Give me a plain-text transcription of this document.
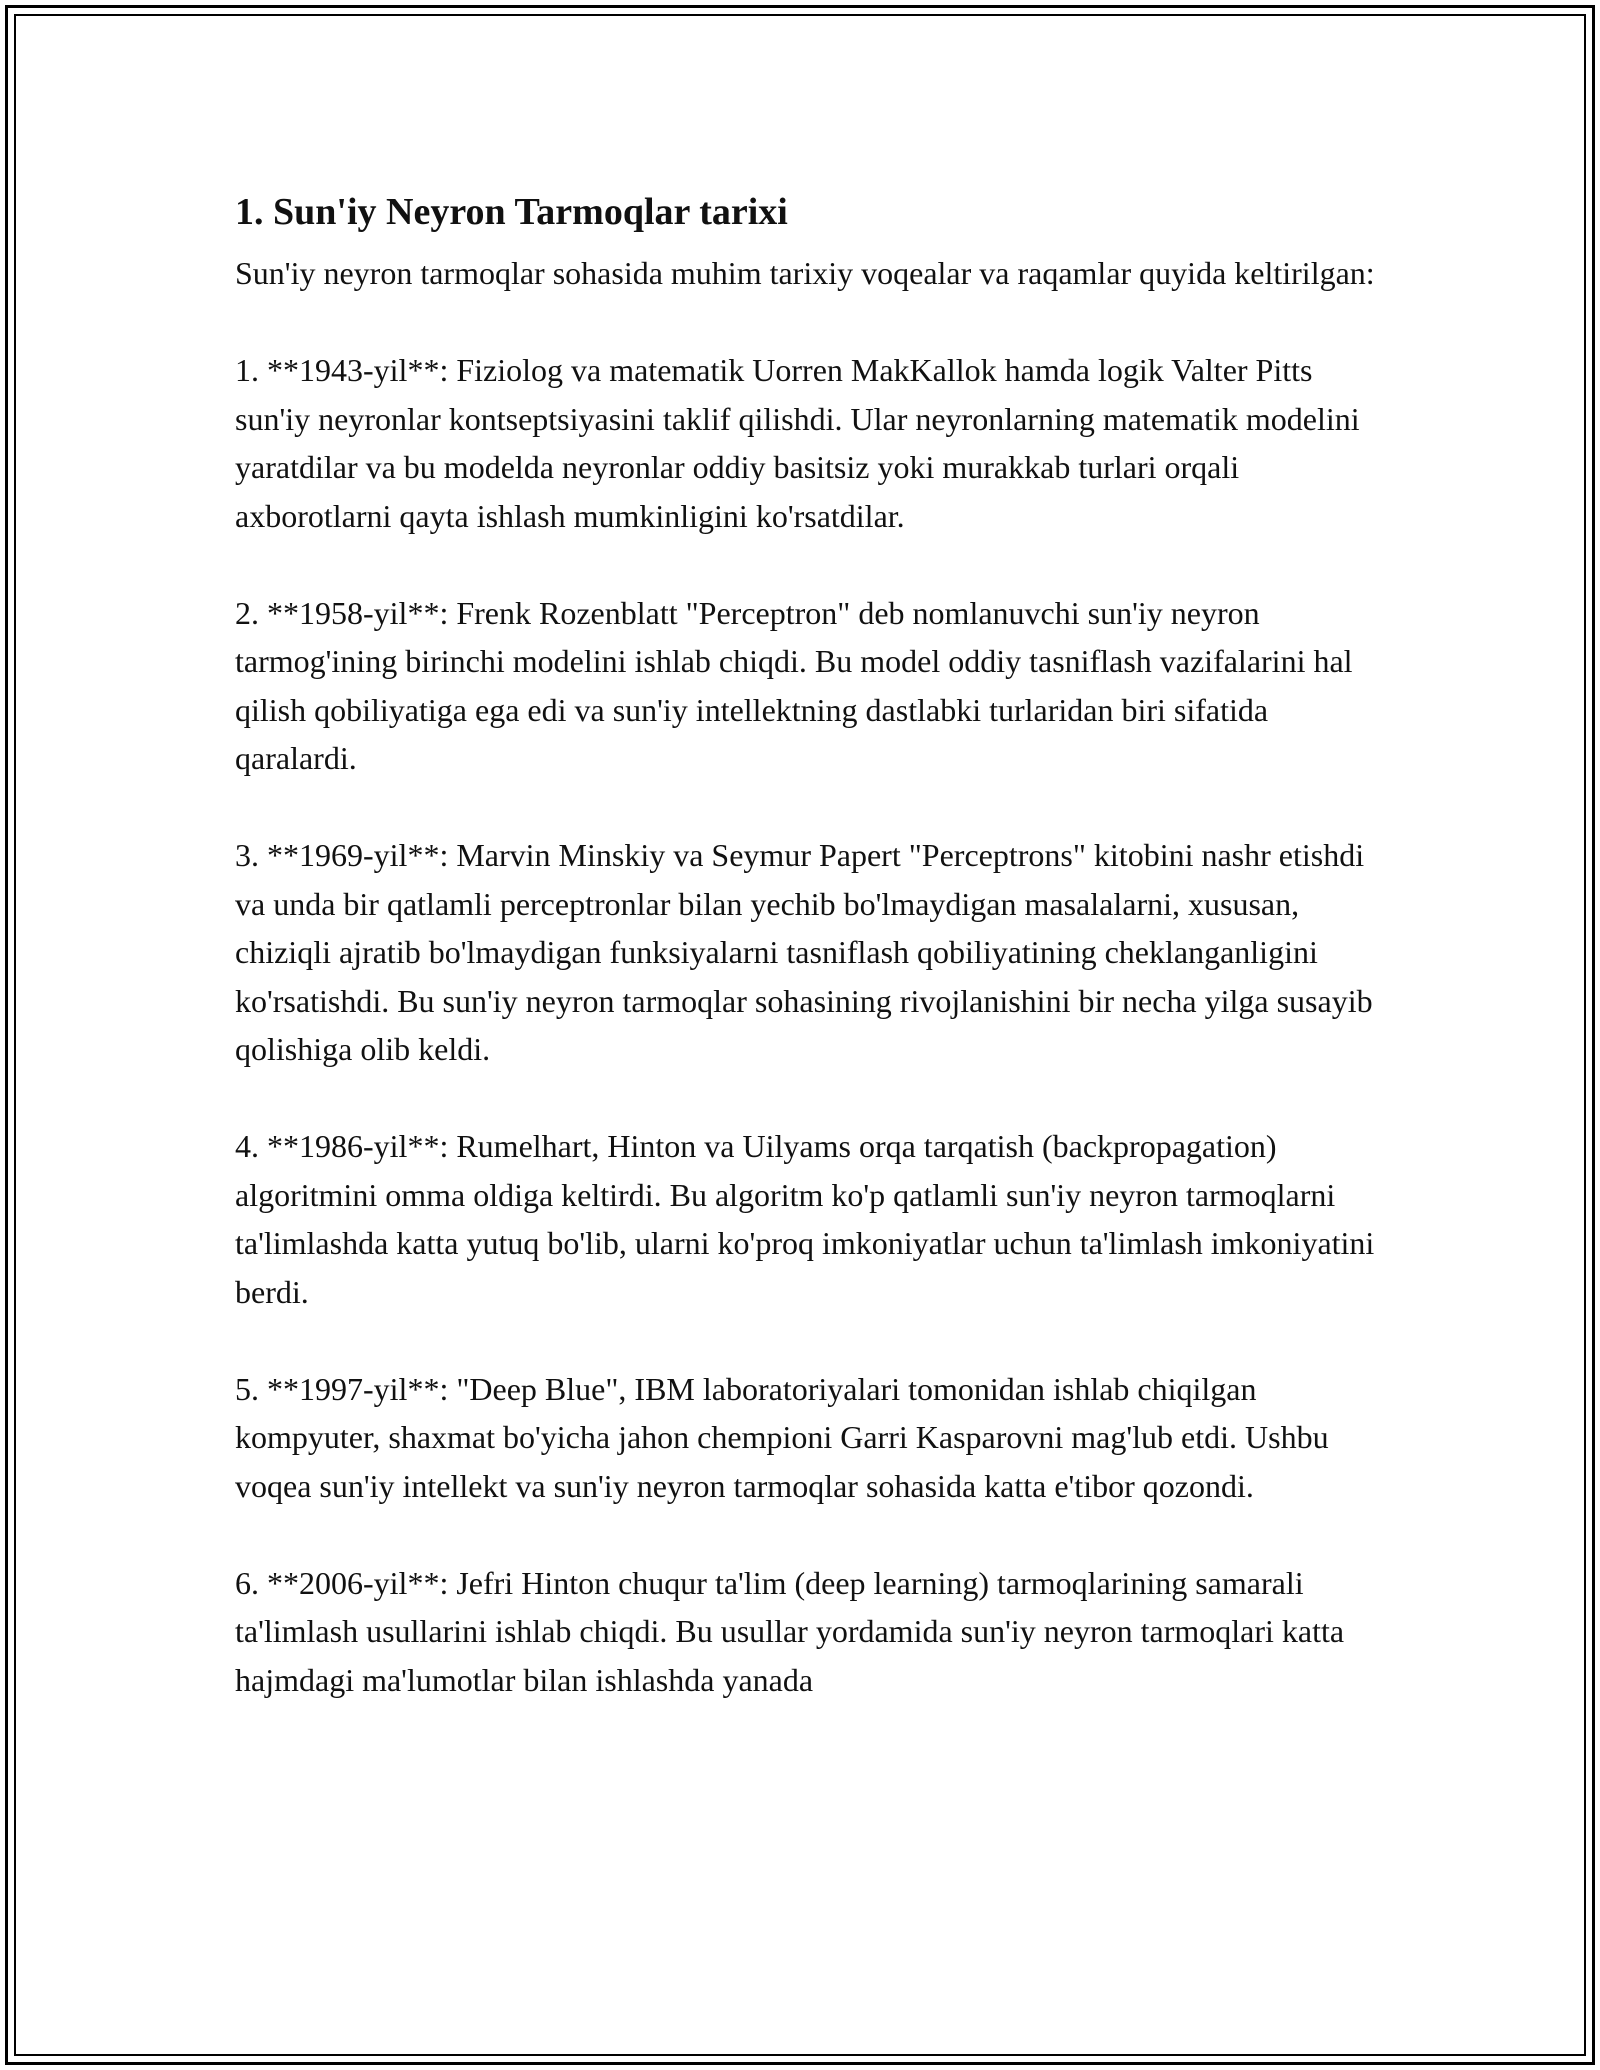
1. Sun'iy Neyron Tarmoqlar tarixi

Sun'iy neyron tarmoqlar sohasida muhim tarixiy voqealar va raqamlar quyida keltirilgan:

1. **1943-yil**: Fiziolog va matematik Uorren MakKallok hamda logik Valter Pitts sun'iy neyronlar kontseptsiyasini taklif qilishdi. Ular neyronlarning matematik modelini yaratdilar va bu modelda neyronlar oddiy basitsiz yoki murakkab turlari orqali axborotlarni qayta ishlash mumkinligini ko'rsatdilar.

2. **1958-yil**: Frenk Rozenblatt "Perceptron" deb nomlanuvchi sun'iy neyron tarmog'ining birinchi modelini ishlab chiqdi. Bu model oddiy tasniflash vazifalarini hal qilish qobiliyatiga ega edi va sun'iy intellektning dastlabki turlaridan biri sifatida qaralardi.

3. **1969-yil**: Marvin Minskiy va Seymur Papert "Perceptrons" kitobini nashr etishdi va unda bir qatlamli perceptronlar bilan yechib bo'lmaydigan masalalarni, xususan, chiziqli ajratib bo'lmaydigan funksiyalarni tasniflash qobiliyatining cheklanganligini ko'rsatishdi. Bu sun'iy neyron tarmoqlar sohasining rivojlanishini bir necha yilga susayib qolishiga olib keldi.

4. **1986-yil**: Rumelhart, Hinton va Uilyams orqa tarqatish (backpropagation) algoritmini omma oldiga keltirdi. Bu algoritm ko'p qatlamli sun'iy neyron tarmoqlarni ta'limlashda katta yutuq bo'lib, ularni ko'proq imkoniyatlar uchun ta'limlash imkoniyatini berdi.

5. **1997-yil**: "Deep Blue", IBM laboratoriyalari tomonidan ishlab chiqilgan kompyuter, shaxmat bo'yicha jahon chempioni Garri Kasparovni mag'lub etdi. Ushbu voqea sun'iy intellekt va sun'iy neyron tarmoqlar sohasida katta e'tibor qozondi.

6. **2006-yil**: Jefri Hinton chuqur ta'lim (deep learning) tarmoqlarining samarali ta'limlash usullarini ishlab chiqdi. Bu usullar yordamida sun'iy neyron tarmoqlari katta hajmdagi ma'lumotlar bilan ishlashda yanada
